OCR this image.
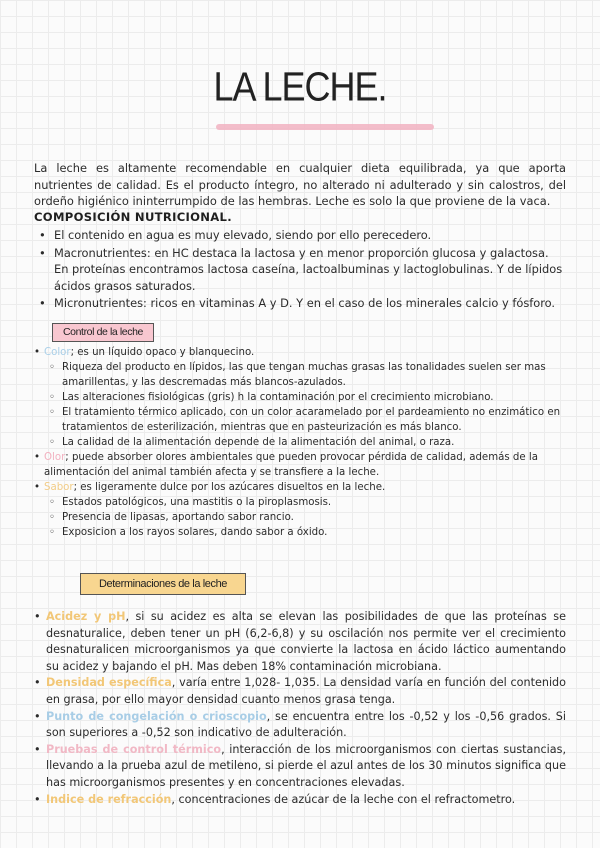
LA LECHE.
La leche es altamente recomendable en cualquier dieta equilibrada, ya que aporta nutrientes de calidad. Es el producto íntegro, no alterado ni adulterado y sin calostros, del ordeño higiénico ininterrumpido de las hembras. Leche es solo la que proviene de la vaca.
COMPOSICIÓN NUTRICIONAL.
• El contenido en agua es muy elevado, siendo por ello perecedero.
• Macronutrientes: en HC destaca la lactosa y en menor proporción glucosa y galactosa. En proteínas encontramos lactosa caseína, lactoalbuminas y lactoglobulinas. Y de lípidos ácidos grasos saturados.
• Micronutrientes: ricos en vitaminas A y D. Y en el caso de los minerales calcio y fósforo.
Control de la leche
• Color; es un líquido opaco y blanquecino.
◦ Riqueza del producto en lípidos, las que tengan muchas grasas las tonalidades suelen ser mas amarillentas, y las descremadas más blancos-azulados.
◦ Las alteraciones fisiológicas (gris) h la contaminación por el crecimiento microbiano.
◦ El tratamiento térmico aplicado, con un color acaramelado por el pardeamiento no enzimático en tratamientos de esterilización, mientras que en pasteurización es más blanco.
◦ La calidad de la alimentación depende de la alimentación del animal, o raza.
• Olor; puede absorber olores ambientales que pueden provocar pérdida de calidad, además de la alimentación del animal también afecta y se transfiere a la leche.
• Sabor; es ligeramente dulce por los azúcares disueltos en la leche.
◦ Estados patológicos, una mastitis o la piroplasmosis.
◦ Presencia de lipasas, aportando sabor rancio.
◦ Exposicion a los rayos solares, dando sabor a óxido.
Determinaciones de la leche
• Acidez y pH, si su acidez es alta se elevan las posibilidades de que las proteínas se desnaturalice, deben tener un pH (6,2-6,8) y su oscilación nos permite ver el crecimiento desnaturalicen microorganismos ya que convierte la lactosa en ácido láctico aumentando su acidez y bajando el pH. Mas deben 18% contaminación microbiana.
• Densidad específica, varía entre 1,028- 1,035. La densidad varía en función del contenido en grasa, por ello mayor densidad cuanto menos grasa tenga.
• Punto de congelación o crioscopio, se encuentra entre los -0,52 y los -0,56 grados. Si son superiores a -0,52 son indicativo de adulteración.
• Pruebas de control térmico, interacción de los microorganismos con ciertas sustancias, llevando a la prueba azul de metileno, si pierde el azul antes de los 30 minutos significa que has microorganismos presentes y en concentraciones elevadas.
• Indice de refracción, concentraciones de azúcar de la leche con el refractometro.
